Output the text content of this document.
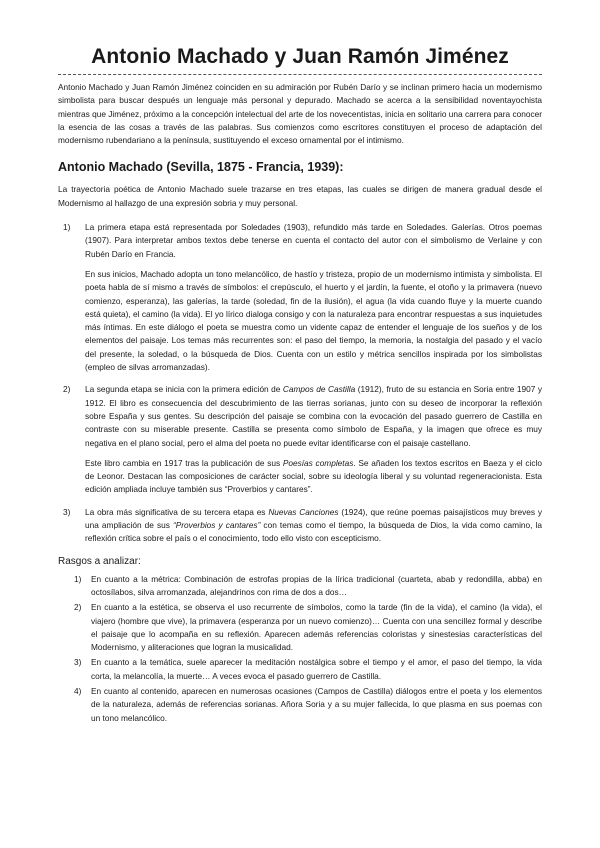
Antonio Machado y Juan Ramón Jiménez

Antonio Machado y Juan Ramón Jiménez coinciden en su admiración por Rubén Darío y se inclinan primero hacia un modernismo simbolista para buscar después un lenguaje más personal y depurado. Machado se acerca a la sensibilidad noventayochista mientras que Jiménez, próximo a la concepción intelectual del arte de los novecentistas, inicia en solitario una carrera para conocer la esencia de las cosas a través de las palabras. Sus comienzos como escritores constituyen el proceso de adaptación del modernismo rubendariano a la península, sustituyendo el exceso ornamental por el intimismo.

Antonio Machado (Sevilla, 1875 - Francia, 1939):

La trayectoria poética de Antonio Machado suele trazarse en tres etapas, las cuales se dirigen de manera gradual desde el Modernismo al hallazgo de una expresión sobria y muy personal.

1)	La primera etapa está representada por Soledades (1903), refundido más tarde en Soledades. Galerías. Otros poemas (1907). Para interpretar ambos textos debe tenerse en cuenta el contacto del autor con el simbolismo de Verlaine y con Rubén Darío en Francia.

En sus inicios, Machado adopta un tono melancólico, de hastío y tristeza, propio de un modernismo intimista y simbolista. El poeta habla de sí mismo a través de símbolos: el crepúsculo, el huerto y el jardín, la fuente, el otoño y la primavera (nuevo comienzo, esperanza), las galerías, la tarde (soledad, fin de la ilusión), el agua (la vida cuando fluye y la muerte cuando está quieta), el camino (la vida). El yo lírico dialoga consigo y con la naturaleza para encontrar respuestas a sus inquietudes más íntimas. En este diálogo el poeta se muestra como un vidente capaz de entender el lenguaje de los sueños y de los elementos del paisaje. Los temas más recurrentes son: el paso del tiempo, la memoria, la nostalgia del pasado y el vacío del presente, la soledad, o la búsqueda de Dios. Cuenta con un estilo y métrica sencillos inspirada por los simbolistas (empleo de silvas arromanzadas).

2)	La segunda etapa se inicia con la primera edición de Campos de Castilla (1912), fruto de su estancia en Soria entre 1907 y 1912. El libro es consecuencia del descubrimiento de las tierras sorianas, junto con su deseo de incorporar la reflexión sobre España y sus gentes. Su descripción del paisaje se combina con la evocación del pasado guerrero de Castilla en contraste con su miserable presente. Castilla se presenta como símbolo de España, y la imagen que ofrece es muy negativa en el plano social, pero el alma del poeta no puede evitar identificarse con el paisaje castellano.

Este libro cambia en 1917 tras la publicación de sus Poesías completas. Se añaden los textos escritos en Baeza y el ciclo de Leonor. Destacan las composiciones de carácter social, sobre su ideología liberal y su voluntad regeneracionista. Esta edición ampliada incluye también sus “Proverbios y cantares”.

3)	La obra más significativa de su tercera etapa es Nuevas Canciones (1924), que reúne poemas paisajísticos muy breves y una ampliación de sus “Proverbios y cantares” con temas como el tiempo, la búsqueda de Dios, la vida como camino, la reflexión crítica sobre el país o el conocimiento, todo ello visto con escepticismo.

Rasgos a analizar:
1)	En cuanto a la métrica: Combinación de estrofas propias de la lírica tradicional (cuarteta, abab y redondilla, abba) en octosílabos, silva arromanzada, alejandrinos con rima de dos a dos…

2)	En cuanto a la estética, se observa el uso recurrente de símbolos, como la tarde (fin de la vida), el camino (la vida), el viajero (hombre que vive), la primavera (esperanza por un nuevo comienzo)… Cuenta con una sencillez formal y describe el paisaje que lo acompaña en su reflexión. Aparecen además referencias coloristas y sinestesias características del Modernismo, y aliteraciones que logran la musicalidad.

3)	En cuanto a la temática, suele aparecer la meditación nostálgica sobre el tiempo y el amor, el paso del tiempo, la vida corta, la melancolía, la muerte… A veces evoca el pasado guerrero de Castilla.

4)	En cuanto al contenido, aparecen en numerosas ocasiones (Campos de Castilla) diálogos entre el poeta y los elementos de la naturaleza, además de referencias sorianas. Añora Soria y a su mujer fallecida, lo que plasma en sus poemas con un tono melancólico.
